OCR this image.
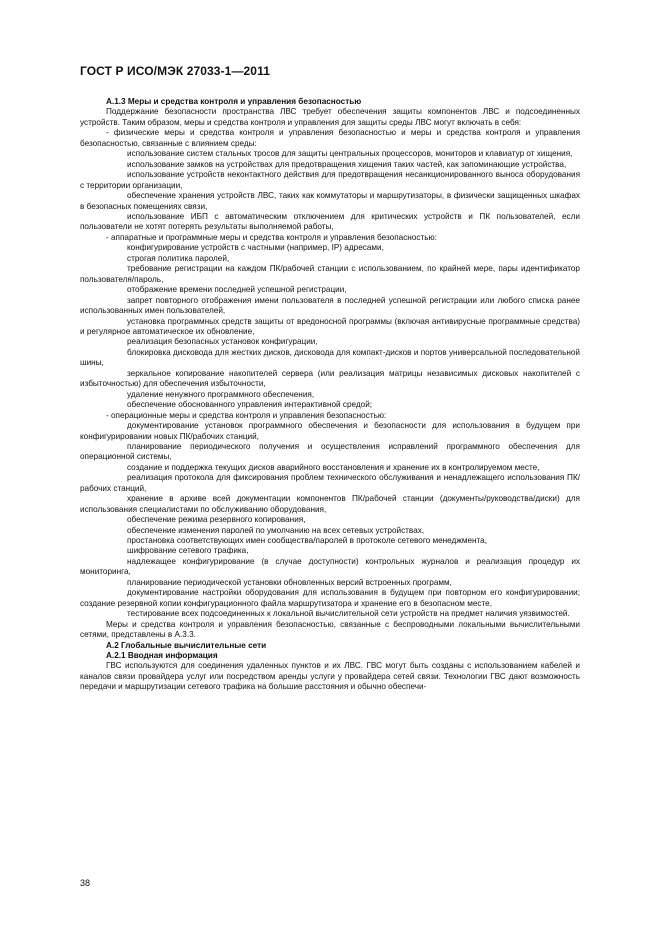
ГОСТ Р ИСО/МЭК 27033-1—2011

А.1.3 Меры и средства контроля и управления безопасностью

Поддержание безопасности пространства ЛВС требует обеспечения защиты компонентов ЛВС и подсоединенных устройств. Таким образом, меры и средства контроля и управления для защиты среды ЛВС могут включать в себя:

- физические меры и средства контроля и управления безопасностью и меры и средства контроля и управления безопасностью, связанные с влиянием среды:

использование систем стальных тросов для защиты центральных процессоров, мониторов и клавиатур от хищения,

использование замков на устройствах для предотвращения хищения таких частей, как запоминающие устройства,

использование устройств неконтактного действия для предотвращения несанкционированного выноса оборудования с территории организации,

обеспечение хранения устройств ЛВС, таких как коммутаторы и маршрутизаторы, в физически защищенных шкафах в безопасных помещениях связи,

использование ИБП с автоматическим отключением для критических устройств и ПК пользователей, если пользователи не хотят потерять результаты выполняемой работы,

- аппаратные и программные меры и средства контроля и управления безопасностью:

конфигурирование устройств с частными (например, IP) адресами,

строгая политика паролей,

требование регистрации на каждом ПК/рабочей станции с использованием, по крайней мере, пары идентификатор пользователя/пароль,

отображение времени последней успешной регистрации,

запрет повторного отображения имени пользователя в последней успешной регистрации или любого списка ранее использованных имен пользователей,

установка программных средств защиты от вредоносной программы (включая антивирусные программные средства) и регулярное автоматическое их обновление,

реализация безопасных установок конфигурации,

блокировка дисковода для жестких дисков, дисковода для компакт-дисков и портов универсальной последовательной шины,

зеркальное копирование накопителей сервера (или реализация матрицы независимых дисковых накопителей с избыточностью) для обеспечения избыточности,

удаление ненужного программного обеспечения,

обеспечение обоснованного управления интерактивной средой;

- операционные меры и средства контроля и управления безопасностью:

документирование установок программного обеспечения и безопасности для использования в будущем при конфигурировании новых ПК/рабочих станций,

планирование периодического получения и осуществления исправлений программного обеспечения для операционной системы,

создание и поддержка текущих дисков аварийного восстановления и хранение их в контролируемом месте,

реализация протокола для фиксирования проблем технического обслуживания и ненадлежащего использования ПК/рабочих станций,

хранение в архиве всей документации компонентов ПК/рабочей станции (документы/руководства/диски) для использования специалистами по обслуживанию оборудования,

обеспечение режима резервного копирования,

обеспечение изменения паролей по умолчанию на всех сетевых устройствах,

простановка соответствующих имен сообщества/паролей в протоколе сетевого менеджмента,

шифрование сетевого трафика,

надлежащее конфигурирование (в случае доступности) контрольных журналов и реализация процедур их мониторинга,

планирование периодической установки обновленных версий встроенных программ,

документирование настройки оборудования для использования в будущем при повторном его конфигурировании; создание резервной копии конфигурационного файла маршрутизатора и хранение его в безопасном месте,

тестирование всех подсоединенных к локальной вычислительной сети устройств на предмет наличия уязвимостей.

Меры и средства контроля и управления безопасностью, связанные с беспроводными локальными вычислительными сетями, представлены в А.3.3.

А.2 Глобальные вычислительные сети

А.2.1 Вводная информация

ГВС используются для соединения удаленных пунктов и их ЛВС. ГВС могут быть созданы с использованием кабелей и каналов связи провайдера услуг или посредством аренды услуги у провайдера сетей связи. Технологии ГВС дают возможность передачи и маршрутизации сетевого трафика на большие расстояния и обычно обеспечи-

38
